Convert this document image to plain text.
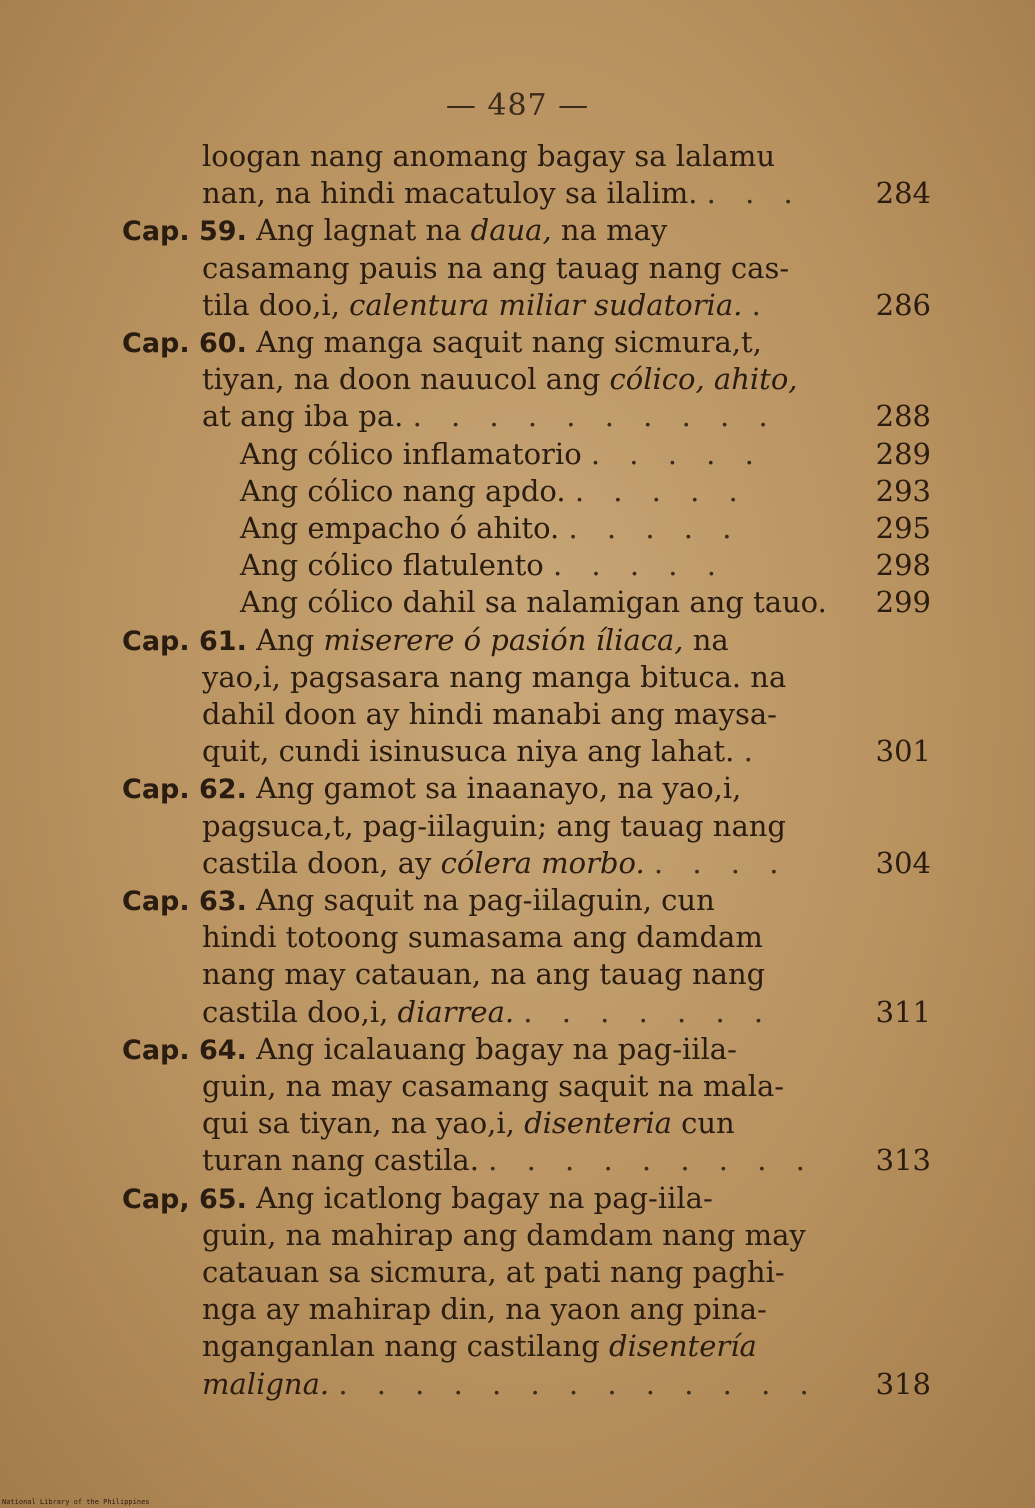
— 487 —
loogan nang anomang bagay sa lalamu
nan, na hindi macatuloy sa ilalim. . . .	284
Cap. 59. Ang lagnat na daua, na may
casamang pauis na ang tauag nang cas-
tila doo,i, calentura miliar sudatoria. .	286
Cap. 60. Ang manga saquit nang sicmura,t,
tiyan, na doon nauucol ang cólico, ahito,
at ang iba pa. . . . . . . . . . .	288
Ang cólico inflamatorio . . . . .	289
Ang cólico nang apdo. . . . . .	293
Ang empacho ó ahito. . . . . .	295
Ang cólico flatulento . . . . .	298
Ang cólico dahil sa nalamigan ang tauo.	299
Cap. 61. Ang miserere ó pasión íliaca, na
yao,i, pagsasara nang manga bituca. na
dahil doon ay hindi manabi ang maysa-
quit, cundi isinusuca niya ang lahat. .	301
Cap. 62. Ang gamot sa inaanayo, na yao,i,
pagsuca,t, pag-iilaguin; ang tauag nang
castila doon, ay cólera morbo. . . . .	304
Cap. 63. Ang saquit na pag-iilaguin, cun
hindi totoong sumasama ang damdam
nang may catauan, na ang tauag nang
castila doo,i, diarrea. . . . . . . .	311
Cap. 64. Ang icalauang bagay na pag-iila-
guin, na may casamang saquit na mala-
qui sa tiyan, na yao,i, disenteria cun
turan nang castila. . . . . . . . . .	313
Cap, 65. Ang icatlong bagay na pag-iila-
guin, na mahirap ang damdam nang may
catauan sa sicmura, at pati nang paghi-
nga ay mahirap din, na yaon ang pina-
nganganlan nang castilang disentería
maligna. . . . . . . . . . . . . .	318
National Library of the Philippines
